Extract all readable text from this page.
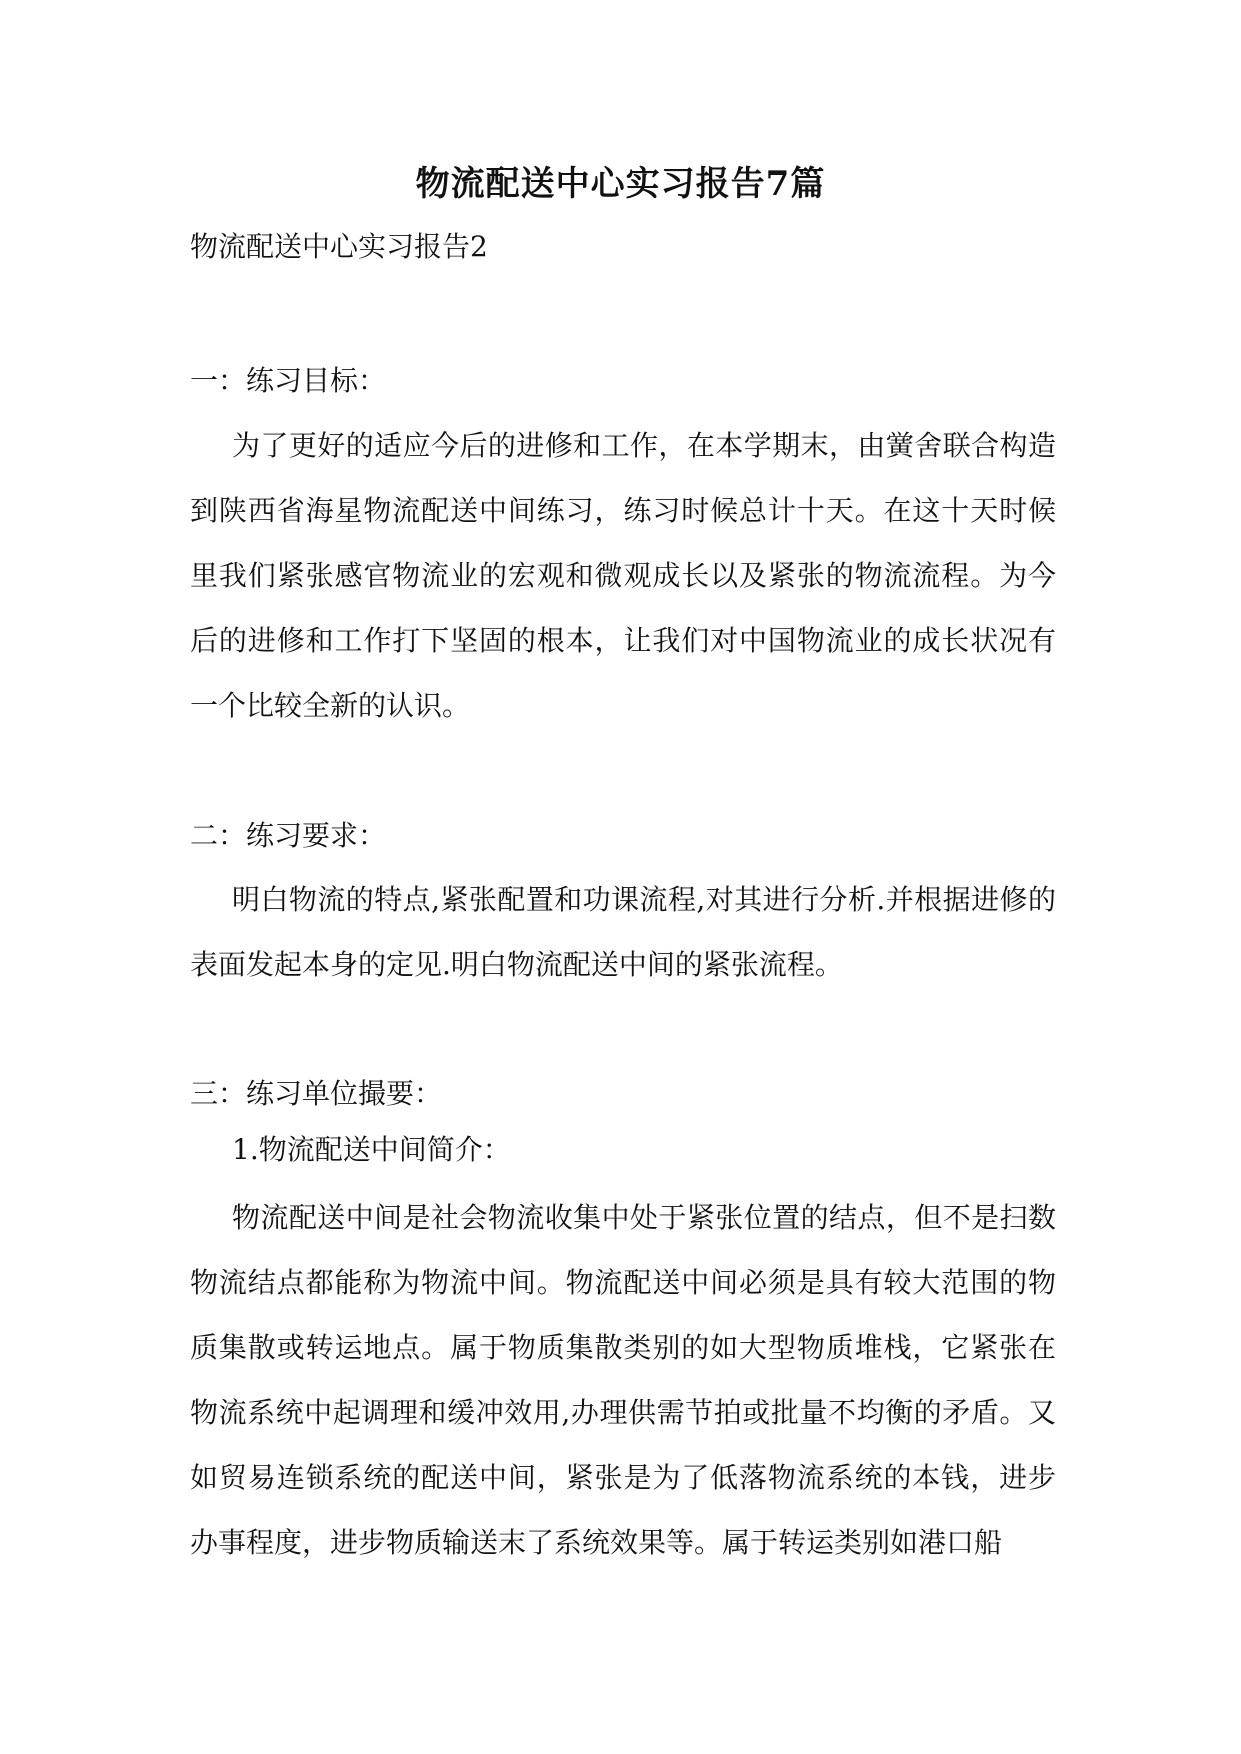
物流配送中心实习报告7篇
物流配送中心实习报告2
一：练习目标：

为了更好的适应今后的进修和工作，在本学期末，由黉舍联合构造到陕西省海星物流配送中间练习，练习时候总计十天。在这十天时候里我们紧张感官物流业的宏观和微观成长以及紧张的物流流程。为今后的进修和工作打下坚固的根本，让我们对中国物流业的成长状况有一个比较全新的认识。

二：练习要求：

明白物流的特点,紧张配置和功课流程,对其进行分析.并根据进修的表面发起本身的定见.明白物流配送中间的紧张流程。

三：练习单位撮要：
1.物流配送中间简介：

物流配送中间是社会物流收集中处于紧张位置的结点，但不是扫数物流结点都能称为物流中间。物流配送中间必须是具有较大范围的物质集散或转运地点。属于物质集散类别的如大型物质堆栈，它紧张在物流系统中起调理和缓冲效用,办理供需节拍或批量不均衡的矛盾。又如贸易连锁系统的配送中间，紧张是为了低落物流系统的本钱，进步办事程度，进步物质输送末了系统效果等。属于转运类别如港口船
